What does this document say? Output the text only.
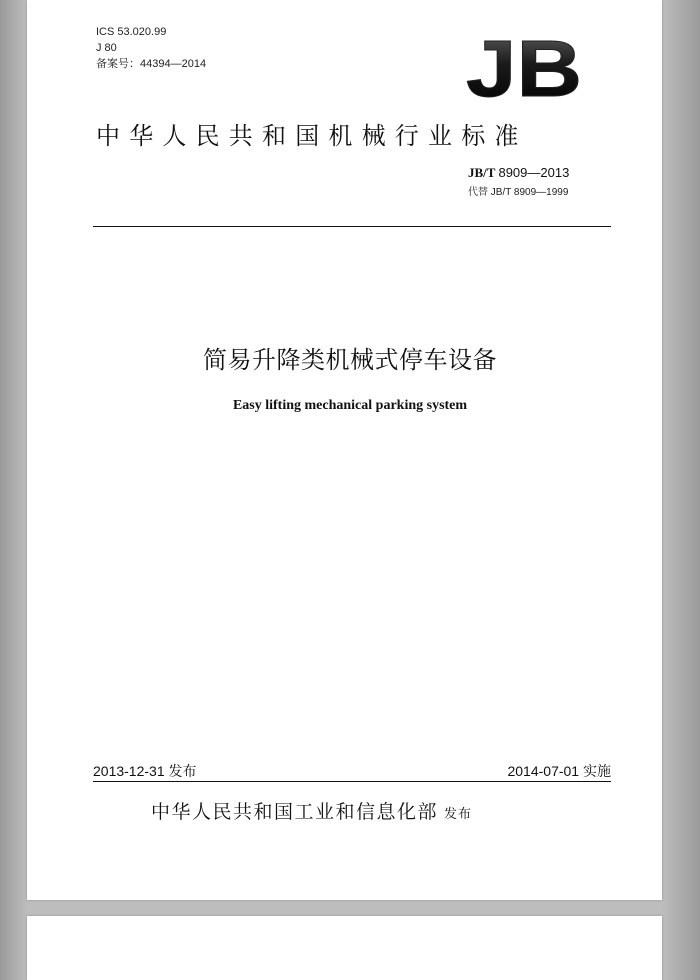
ICS 53.020.99
J 80
备案号：44394—2014	JB
中华人民共和国机械行业标准
JB/T 8909—2013
代替 JB/T 8909—1999
简易升降类机械式停车设备
Easy lifting mechanical parking system
2013-12-31 发布	2014-07-01 实施
中华人民共和国工业和信息化部 发布
